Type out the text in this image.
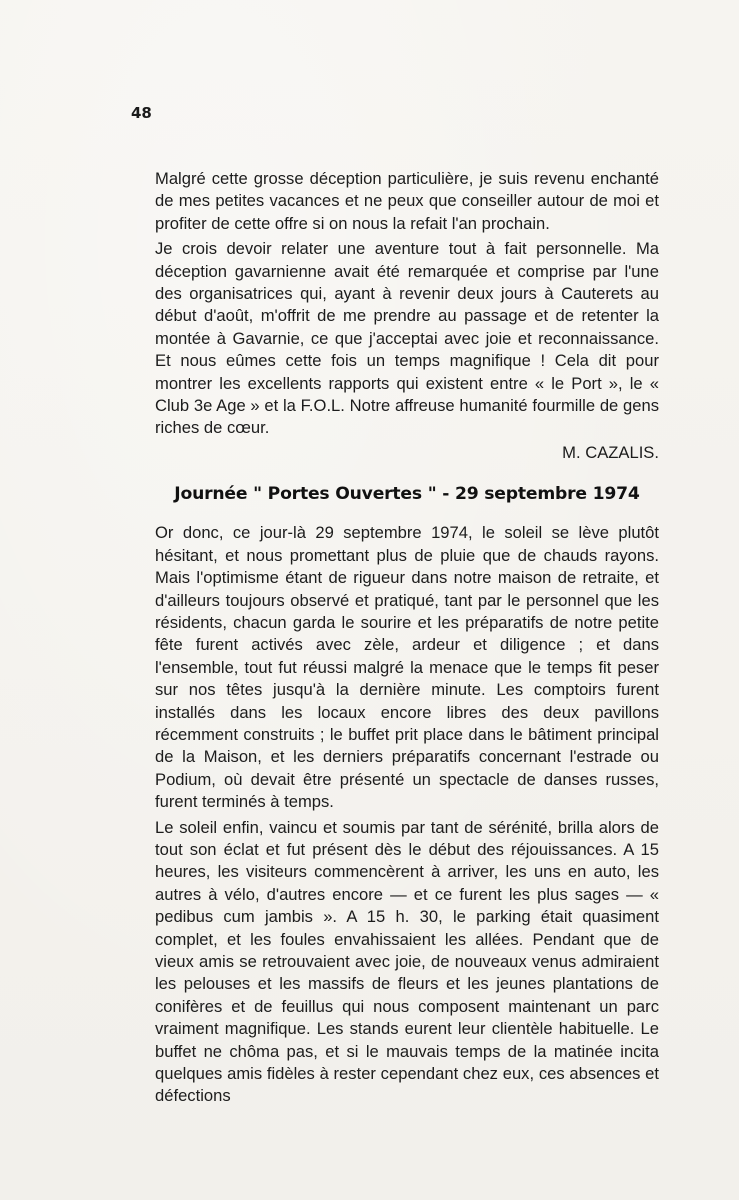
48

Malgré cette grosse déception particulière, je suis revenu enchanté de mes petites vacances et ne peux que conseiller autour de moi et profiter de cette offre si on nous la refait l'an prochain.

Je crois devoir relater une aventure tout à fait personnelle. Ma déception gavarnienne avait été remarquée et comprise par l'une des organisatrices qui, ayant à revenir deux jours à Cauterets au début d'août, m'offrit de me prendre au passage et de retenter la montée à Gavarnie, ce que j'acceptai avec joie et reconnaissance. Et nous eûmes cette fois un temps magnifique ! Cela dit pour montrer les excellents rapports qui existent entre « le Port », le « Club 3e Age » et la F.O.L. Notre affreuse humanité fourmille de gens riches de cœur.

M. CAZALIS.

Journée " Portes Ouvertes " - 29 septembre 1974

Or donc, ce jour-là 29 septembre 1974, le soleil se lève plutôt hésitant, et nous promettant plus de pluie que de chauds rayons. Mais l'optimisme étant de rigueur dans notre maison de retraite, et d'ailleurs toujours observé et pratiqué, tant par le personnel que les résidents, chacun garda le sourire et les préparatifs de notre petite fête furent activés avec zèle, ardeur et diligence ; et dans l'ensemble, tout fut réussi malgré la menace que le temps fit peser sur nos têtes jusqu'à la dernière minute. Les comptoirs furent installés dans les locaux encore libres des deux pavillons récemment construits ; le buffet prit place dans le bâtiment principal de la Maison, et les derniers préparatifs concernant l'estrade ou Podium, où devait être présenté un spectacle de danses russes, furent terminés à temps.

Le soleil enfin, vaincu et soumis par tant de sérénité, brilla alors de tout son éclat et fut présent dès le début des réjouissances. A 15 heures, les visiteurs commencèrent à arriver, les uns en auto, les autres à vélo, d'autres encore — et ce furent les plus sages — « pedibus cum jambis ». A 15 h. 30, le parking était quasiment complet, et les foules envahissaient les allées. Pendant que de vieux amis se retrouvaient avec joie, de nouveaux venus admiraient les pelouses et les massifs de fleurs et les jeunes plantations de conifères et de feuillus qui nous composent maintenant un parc vraiment magnifique. Les stands eurent leur clientèle habituelle. Le buffet ne chôma pas, et si le mauvais temps de la matinée incita quelques amis fidèles à rester cependant chez eux, ces absences et défections
